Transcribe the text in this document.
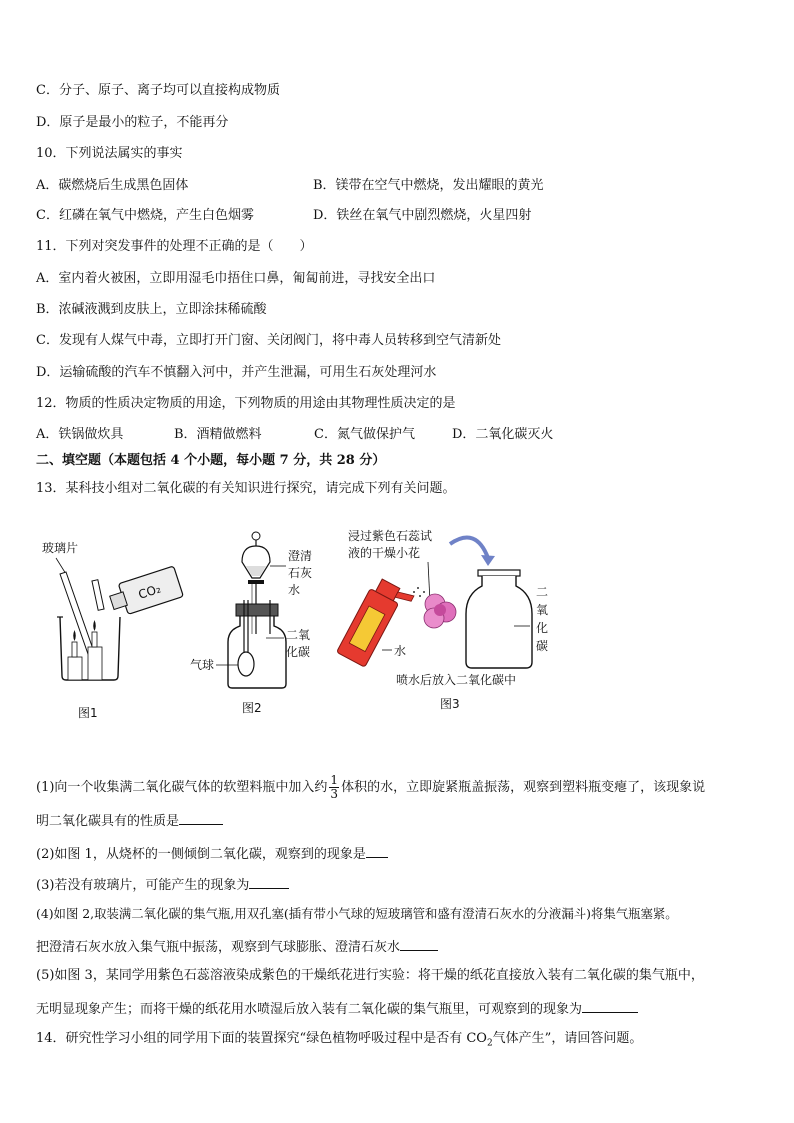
C．分子、原子、离子均可以直接构成物质
D．原子是最小的粒子，不能再分
10．下列说法属实的事实
A．碳燃烧后生成黑色固体	B．镁带在空气中燃烧，发出耀眼的黄光
C．红磷在氧气中燃烧，产生白色烟雾	D．铁丝在氧气中剧烈燃烧，火星四射
11．下列对突发事件的处理不正确的是（　　）
A．室内着火被困，立即用湿毛巾捂住口鼻，匍匐前进，寻找安全出口
B．浓碱液溅到皮肤上，立即涂抹稀硫酸
C．发现有人煤气中毒，立即打开门窗、关闭阀门，将中毒人员转移到空气清新处
D．运输硫酸的汽车不慎翻入河中，并产生泄漏，可用生石灰处理河水
12．物质的性质决定物质的用途，下列物质的用途由其物理性质决定的是
A．铁锅做炊具	B．酒精做燃料	C．氮气做保护气	D．二氧化碳灭火
二、填空题（本题包括 4 个小题，每小题 7 分，共 28 分）
13．某科技小组对二氧化碳的有关知识进行探究，请完成下列有关问题。
玻璃片
CO₂
图1
澄清
石灰
水
二氧
化碳
气球
图2
浸过紫色石蕊试
液的干燥小花
水
二
氧
化
碳
喷水后放入二氧化碳中
图3
(1)向一个收集满二氧化碳气体的软塑料瓶中加入约 $\frac{1}{3}$ 体积的水，立即旋紧瓶盖振荡，观察到塑料瓶变瘪了，该现象说
明二氧化碳具有的性质是
(2)如图 1，从烧杯的一侧倾倒二氧化碳，观察到的现象是
(3)若没有玻璃片，可能产生的现象为
(4)如图 2,取装满二氧化碳的集气瓶,用双孔塞(插有带小气球的短玻璃管和盛有澄清石灰水的分液漏斗)将集气瓶塞紧。
把澄清石灰水放入集气瓶中振荡，观察到气球膨胀、澄清石灰水
(5)如图 3，某同学用紫色石蕊溶液染成紫色的干燥纸花进行实验：将干燥的纸花直接放入装有二氧化碳的集气瓶中，
无明显现象产生；而将干燥的纸花用水喷湿后放入装有二氧化碳的集气瓶里，可观察到的现象为
14．研究性学习小组的同学用下面的装置探究“绿色植物呼吸过程中是否有 $CO_2$气体产生”，请回答问题。
